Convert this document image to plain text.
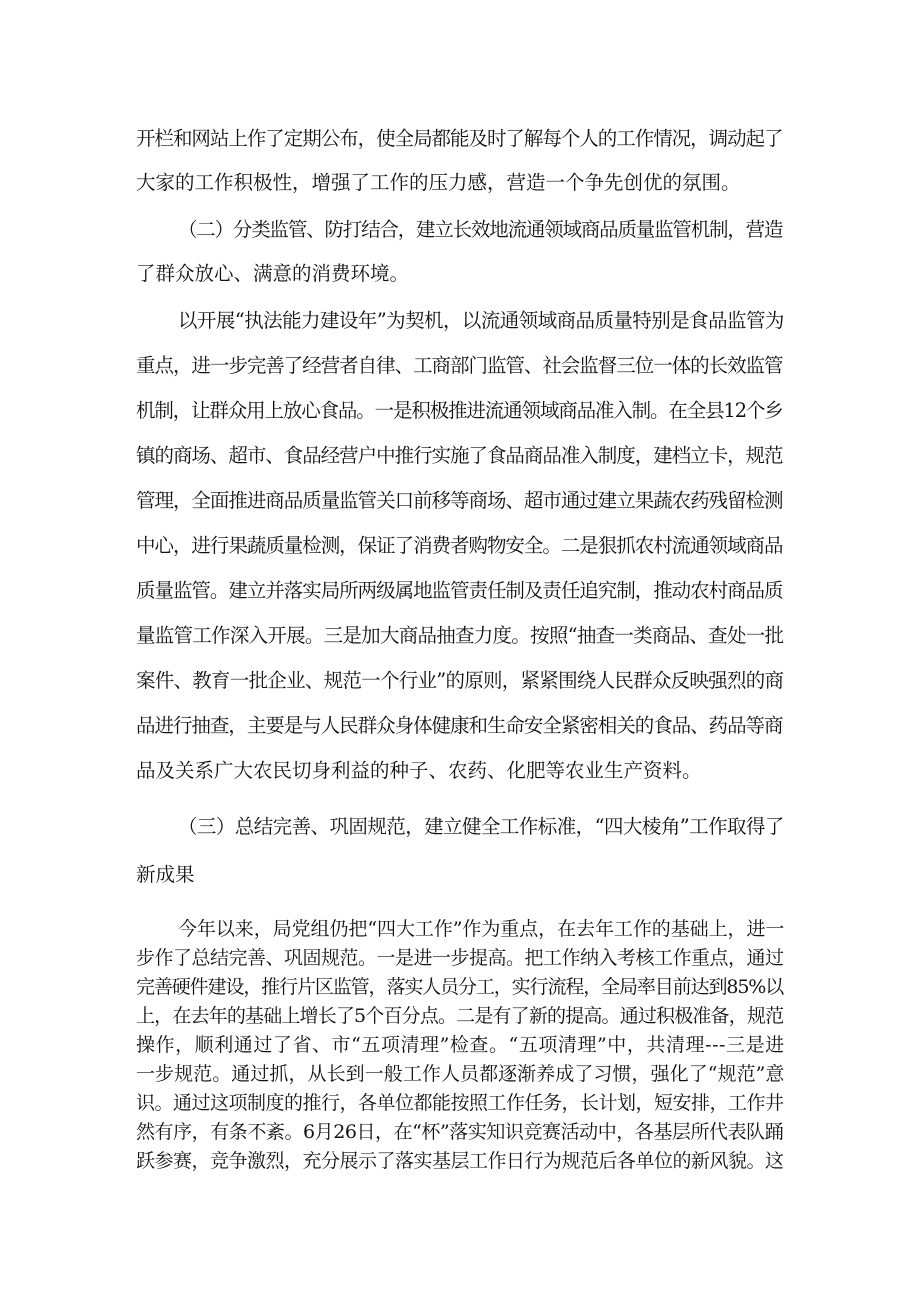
开栏和网站上作了定期公布，使全局都能及时了解每个人的工作情况，调动起了
大家的工作积极性，增强了工作的压力感，营造一个争先创优的氛围。
（二）分类监管、防打结合，建立长效地流通领域商品质量监管机制，营造
了群众放心、满意的消费环境。
以开展“执法能力建设年”为契机，以流通领域商品质量特别是食品监管为
重点，进一步完善了经营者自律、工商部门监管、社会监督三位一体的长效监管
机制，让群众用上放心食品。一是积极推进流通领域商品准入制。在全县12个乡
镇的商场、超市、食品经营户中推行实施了食品商品准入制度，建档立卡，规范
管理，全面推进商品质量监管关口前移等商场、超市通过建立果蔬农药残留检测
中心，进行果蔬质量检测，保证了消费者购物安全。二是狠抓农村流通领域商品
质量监管。建立并落实局所两级属地监管责任制及责任追究制，推动农村商品质
量监管工作深入开展。三是加大商品抽查力度。按照“抽查一类商品、查处一批
案件、教育一批企业、规范一个行业”的原则，紧紧围绕人民群众反映强烈的商
品进行抽查，主要是与人民群众身体健康和生命安全紧密相关的食品、药品等商
品及关系广大农民切身利益的种子、农药、化肥等农业生产资料。
（三）总结完善、巩固规范，建立健全工作标准，“四大棱角”工作取得了
新成果
今年以来，局党组仍把“四大工作”作为重点，在去年工作的基础上，进一
步作了总结完善、巩固规范。一是进一步提高。把工作纳入考核工作重点，通过
完善硬件建设，推行片区监管，落实人员分工，实行流程，全局率目前达到85%以
上，在去年的基础上增长了5个百分点。二是有了新的提高。通过积极准备，规范
操作，顺利通过了省、市“五项清理”检查。“五项清理”中，共清理---三是进
一步规范。通过抓，从长到一般工作人员都逐渐养成了习惯，强化了“规范”意
识。通过这项制度的推行，各单位都能按照工作任务，长计划，短安排，工作井
然有序，有条不紊。6月26日，在“杯”落实知识竞赛活动中，各基层所代表队踊
跃参赛，竞争激烈，充分展示了落实基层工作日行为规范后各单位的新风貌。这
